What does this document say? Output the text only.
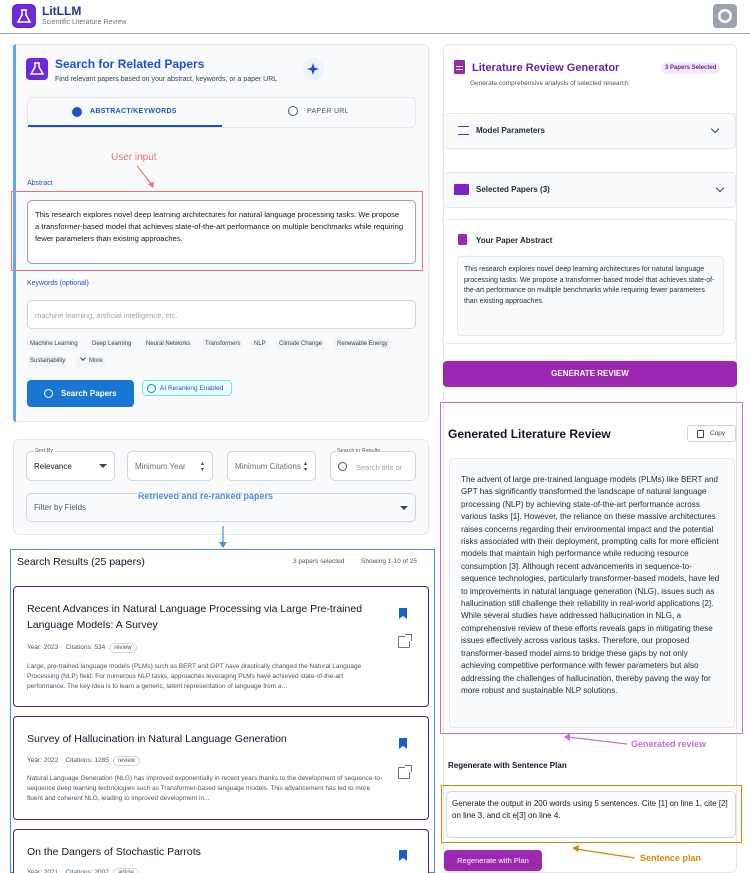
LitLLM
Scientific Literature Review
Search for Related Papers
Find relevant papers based on your abstract, keywords, or a paper URL
ABSTRACT/KEYWORDS	PAPER URL
User input
Abstract
This research explores novel deep learning architectures for natural language processing tasks. We propose a transformer-based model that achieves state-of-the-art performance on multiple benchmarks while requiring fewer parameters than existing approaches.
Keywords (optional)
machine learning, artificial intelligence, etc.
Machine Learning	Deep Learning	Neural Networks	Transformers	NLP	Climate Change	Renewable Energy
Sustainability	More
Search Papers
AI Reranking Enabled
Sort By
Relevance	Minimum Year	▴
▾	Minimum Citations ▴
▾
Search in Results
Search title or
Retrieved and re-ranked papers
Filter by Fields
Search Results (25 papers)	3 papers selected	Showing 1-10 of 25
Recent Advances in Natural Language Processing via Large Pre-trained
Language Models: A Survey
Year: 2023 Citations: 534 review
Large, pre-trained language models (PLMs) such as BERT and GPT have drastically changed the Natural Language Processing (NLP) field. For numerous NLP tasks, approaches leveraging PLMs have achieved state-of-the-art performance. The key idea is to learn a generic, latent representation of language from a...
Survey of Hallucination in Natural Language Generation
Year: 2022 Citations: 1285 review
Natural Language Generation (NLG) has improved exponentially in recent years thanks to the development of sequence-to-sequence deep learning technologies such as Transformer-based language models. This advancement has led to more fluent and coherent NLG, leading to improved development in...
On the Dangers of Stochastic Parrots
Year: 2021 Citations: 2002 article
Literature Review Generator	3 Papers Selected
Generate comprehensive analysis of selected research
Model Parameters
Selected Papers (3)
Your Paper Abstract
This research explores novel deep learning architectures for natural language processing tasks. We propose a transformer-based model that achieves state-of-the-art performance on multiple benchmarks while requiring fewer parameters than existing approaches.
GENERATE REVIEW
Generated Literature Review	Copy
The advent of large pre-trained language models (PLMs) like BERT and GPT has significantly transformed the landscape of natural language processing (NLP) by achieving state-of-the-art performance across various tasks [1]. However, the reliance on these massive architectures raises concerns regarding their environmental impact and the potential risks associated with their deployment, prompting calls for more efficient models that maintain high performance while reducing resource consumption [3]. Although recent advancements in sequence-to-sequence technologies, particularly transformer-based models, have led to improvements in natural language generation (NLG), issues such as hallucination still challenge their reliability in real-world applications [2]. While several studies have addressed hallucination in NLG, a comprehensive review of these efforts reveals gaps in mitigating these issues effectively across various tasks. Therefore, our proposed transformer-based model aims to bridge these gaps by not only achieving competitive performance with fewer parameters but also addressing the challenges of hallucination, thereby paving the way for more robust and sustainable NLP solutions.
Generated review
Regenerate with Sentence Plan
Generate the output in 200 words using 5 sentences. Cite [1] on line 1, cite [2] on line 3, and cit e[3] on line 4.
Regenerate with Plan	Sentence plan
